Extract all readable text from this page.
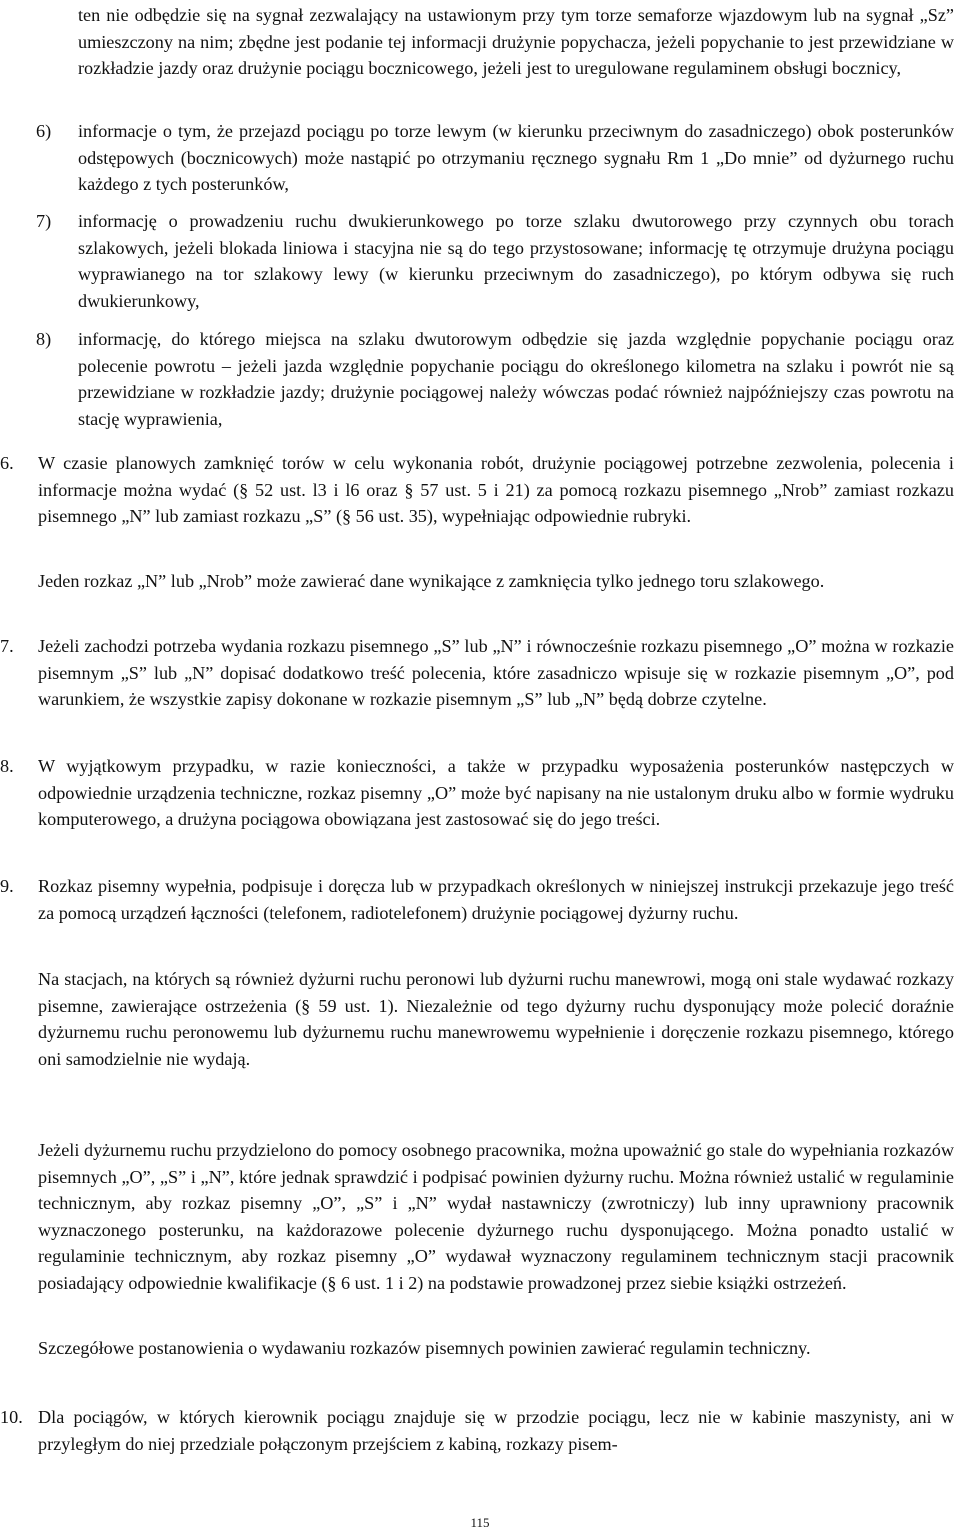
ten nie odbędzie się na sygnał zezwalający na ustawionym przy tym torze semaforze wjazdowym lub na sygnał „Sz” umieszczony na nim; zbędne jest podanie tej informacji drużynie popychacza, jeżeli popychanie to jest przewidziane w rozkładzie jazdy oraz drużynie pociągu bocznicowego, jeżeli jest to uregulowane regulaminem obsługi bocznicy,
6) informacje o tym, że przejazd pociągu po torze lewym (w kierunku przeciwnym do zasadniczego) obok posterunków odstępowych (bocznicowych) może nastąpić po otrzymaniu ręcznego sygnału Rm 1 „Do mnie” od dyżurnego ruchu każdego z tych posterunków,
7) informację o prowadzeniu ruchu dwukierunkowego po torze szlaku dwutorowego przy czynnych obu torach szlakowych, jeżeli blokada liniowa i stacyjna nie są do tego przystosowane; informację tę otrzymuje drużyna pociągu wyprawianego na tor szlakowy lewy (w kierunku przeciwnym do zasadniczego), po którym odbywa się ruch dwukierunkowy,
8) informację, do którego miejsca na szlaku dwutorowym odbędzie się jazda względnie popychanie pociągu oraz polecenie powrotu ‒ jeżeli jazda względnie popychanie pociągu do określonego kilometra na szlaku i powrót nie są przewidziane w rozkładzie jazdy; drużynie pociągowej należy wówczas podać również najpóźniejszy czas powrotu na stację wyprawienia,
6. W czasie planowych zamknięć torów w celu wykonania robót, drużynie pociągowej potrzebne zezwolenia, polecenia i informacje można wydać (§ 52 ust. l3 i l6 oraz § 57 ust. 5 i 21) za pomocą rozkazu pisemnego „Nrob” zamiast rozkazu pisemnego „N” lub zamiast rozkazu „S” (§ 56 ust. 35), wypełniając odpowiednie rubryki.
Jeden rozkaz „N” lub „Nrob” może zawierać dane wynikające z zamknięcia tylko jednego toru szlakowego.
7. Jeżeli zachodzi potrzeba wydania rozkazu pisemnego „S” lub „N” i równocześnie rozkazu pisemnego „O” można w rozkazie pisemnym „S” lub „N” dopisać dodatkowo treść polecenia, które zasadniczo wpisuje się w rozkazie pisemnym „O”, pod warunkiem, że wszystkie zapisy dokonane w rozkazie pisemnym „S” lub „N” będą dobrze czytelne.
8. W wyjątkowym przypadku, w razie konieczności, a także w przypadku wyposażenia posterunków następczych w odpowiednie urządzenia techniczne, rozkaz pisemny „O” może być napisany na nie ustalonym druku albo w formie wydruku komputerowego, a drużyna pociągowa obowiązana jest zastosować się do jego treści.
9. Rozkaz pisemny wypełnia, podpisuje i doręcza lub w przypadkach określonych w niniejszej instrukcji przekazuje jego treść za pomocą urządzeń łączności (telefonem, radiotelefonem) drużynie pociągowej dyżurny ruchu.
Na stacjach, na których są również dyżurni ruchu peronowi lub dyżurni ruchu manewrowi, mogą oni stale wydawać rozkazy pisemne, zawierające ostrzeżenia (§ 59 ust. 1). Niezależnie od tego dyżurny ruchu dysponujący może polecić doraźnie dyżurnemu ruchu peronowemu lub dyżurnemu ruchu manewrowemu wypełnienie i doręczenie rozkazu pisemnego, którego oni samodzielnie nie wydają.
Jeżeli dyżurnemu ruchu przydzielono do pomocy osobnego pracownika, można upoważnić go stale do wypełniania rozkazów pisemnych „O”, „S” i „N”, które jednak sprawdzić i podpisać powinien dyżurny ruchu. Można również ustalić w regulaminie technicznym, aby rozkaz pisemny „O”, „S” i „N” wydał nastawniczy (zwrotniczy) lub inny uprawniony pracownik wyznaczonego posterunku, na każdorazowe polecenie dyżurnego ruchu dysponującego. Można ponadto ustalić w regulaminie technicznym, aby rozkaz pisemny „O” wydawał wyznaczony regulaminem technicznym stacji pracownik posiadający odpowiednie kwalifikacje (§ 6 ust. 1 i 2) na podstawie prowadzonej przez siebie książki ostrzeżeń.
Szczegółowe postanowienia o wydawaniu rozkazów pisemnych powinien zawierać regulamin techniczny.
10. Dla pociągów, w których kierownik pociągu znajduje się w przodzie pociągu, lecz nie w kabinie maszynisty, ani w przyległym do niej przedziale połączonym przejściem z kabiną, rozkazy pisem-
115
